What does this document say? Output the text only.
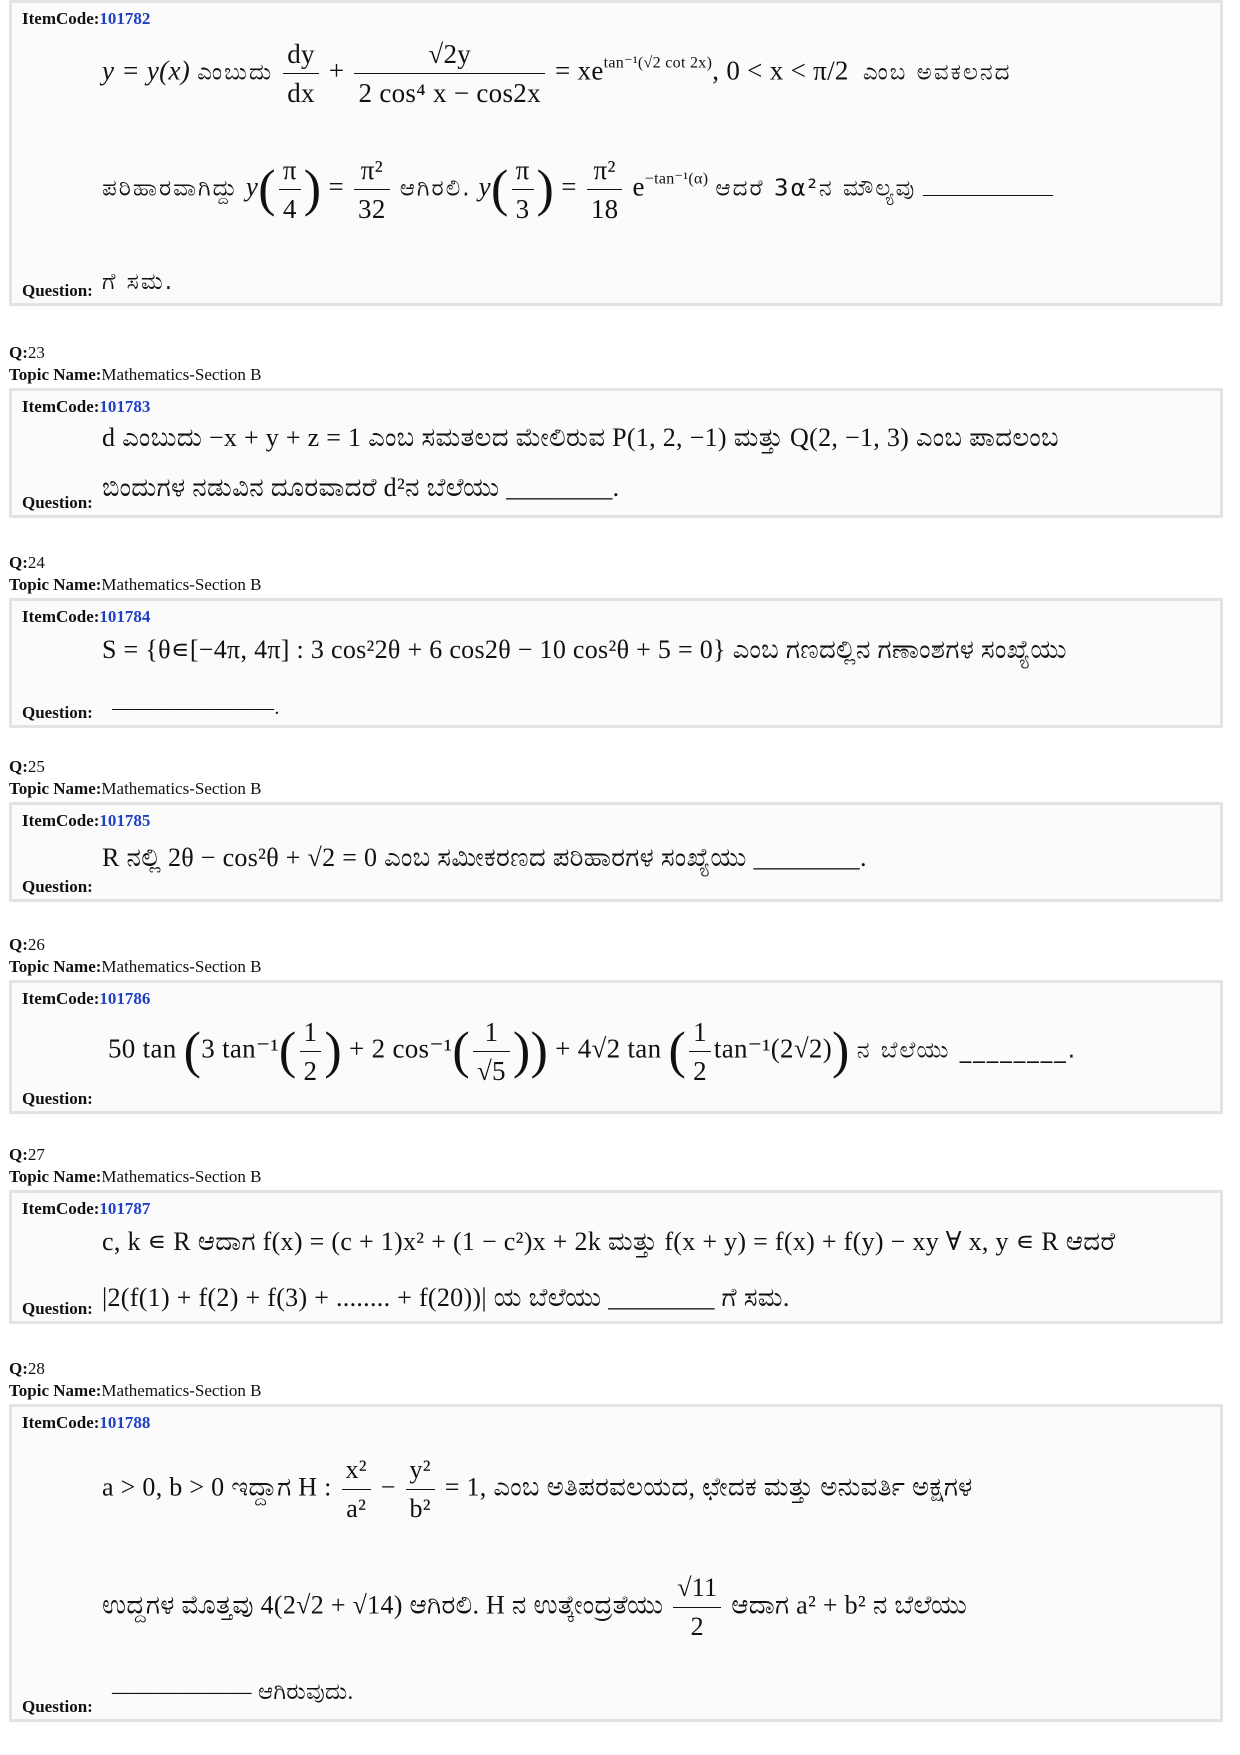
ItemCode:101782
y = y(x) ಎಂಬುದು $\frac{dy}{dx} + \frac{√2y}{\text{2 cos⁴ x − cos2x}} = xe^{tan^{-1}(√2 cot 2x)}$, 0 < x < π/2 ಎಂಬ ಅವಕಲನದ
ಪರಿಹಾರವಾಗಿದ್ದು $y( \frac{\pi}{4}$ ) = $\frac{\text{π²}}{32}$ ಆಗಿರಲಿ. $y( \frac{\pi}{3}$ ) = $\frac{\text{π²}}{18} e^{-tan^{-1}(\alpha)}$ ಆದರೆ 3α²ನ ಮೌಲ್ಯವು
Question: ಗೆ ಸಮ.
Q:23
Topic Name:Mathematics-Section B
ItemCode:101783
d ಎಂಬುದು −x + y + z = 1 ಎಂಬ ಸಮತಲದ ಮೇಲಿರುವ P(1, 2, −1) ಮತ್ತು Q(2, −1, 3) ಎಂಬ ಪಾದಲಂಬ
Question:
ಬಿಂದುಗಳ ನಡುವಿನ ದೂರವಾದರೆ d²ನ ಬೆಲೆಯು ________.
Q:24
Topic Name:Mathematics-Section B
ItemCode:101784
S = {θ∊[−4π, 4π] : 3 cos²2θ + 6 cos2θ − 10 cos²θ + 5 = 0} ಎಂಬ ಗಣದಲ್ಲಿನ ಗಣಾಂಶಗಳ ಸಂಖ್ಯೆಯು
Question: ————————.
Q:25
Topic Name:Mathematics-Section B
ItemCode:101785
R ನಲ್ಲಿ 2θ − cos²θ + √2 = 0 ಎಂಬ ಸಮೀಕರಣದ ಪರಿಹಾರಗಳ ಸಂಖ್ಯೆಯು ________.
Question:
Q:26
Topic Name:Mathematics-Section B
ItemCode:101786
50 tan (3 $\tan^{-1}( \frac{1}{2}$ ) + 2 $\cos^{-1}( \frac{1}{√5}$ )) + 4√2 tan ( $\frac{1}{2} \tan^{-1}(2√2)$) ನ ಬೆಲೆಯು ________.
Question:
Q:27
Topic Name:Mathematics-Section B
ItemCode:101787
c, k ∊ R ಆದಾಗ f(x) = (c + 1)x² + (1 − c²)x + 2k ಮತ್ತು f(x + y) = f(x) + f(y) − xy ∀ x, y ∊ R ಆದರೆ
Question: |2(f(1) + f(2) + f(3) + ........ + f(20))| ಯ ಬೆಲೆಯು ________ ಗೆ ಸಮ.
Q:28
Topic Name:Mathematics-Section B
ItemCode:101788
a > 0, b > 0 ಇದ್ದಾಗ H : $\frac{\text{x²}}{\text{a²}} - \frac{\text{y²}}{\text{b²}} = 1$, ಎಂಬ ಅತಿಪರವಲಯದ, ಛೇದಕ ಮತ್ತು ಅನುವರ್ತಿ ಅಕ್ಷಗಳ
ಉದ್ದಗಳ ಮೊತ್ತವು 4(2√2 + √14) ಆಗಿರಲಿ. H ನ ಉತ್ಕೇಂದ್ರತೆಯು $\frac{√11}{2}$ ಆದಾಗ a² + b² ನ ಬೆಲೆಯು
Question:
—————— ಆಗಿರುವುದು.
